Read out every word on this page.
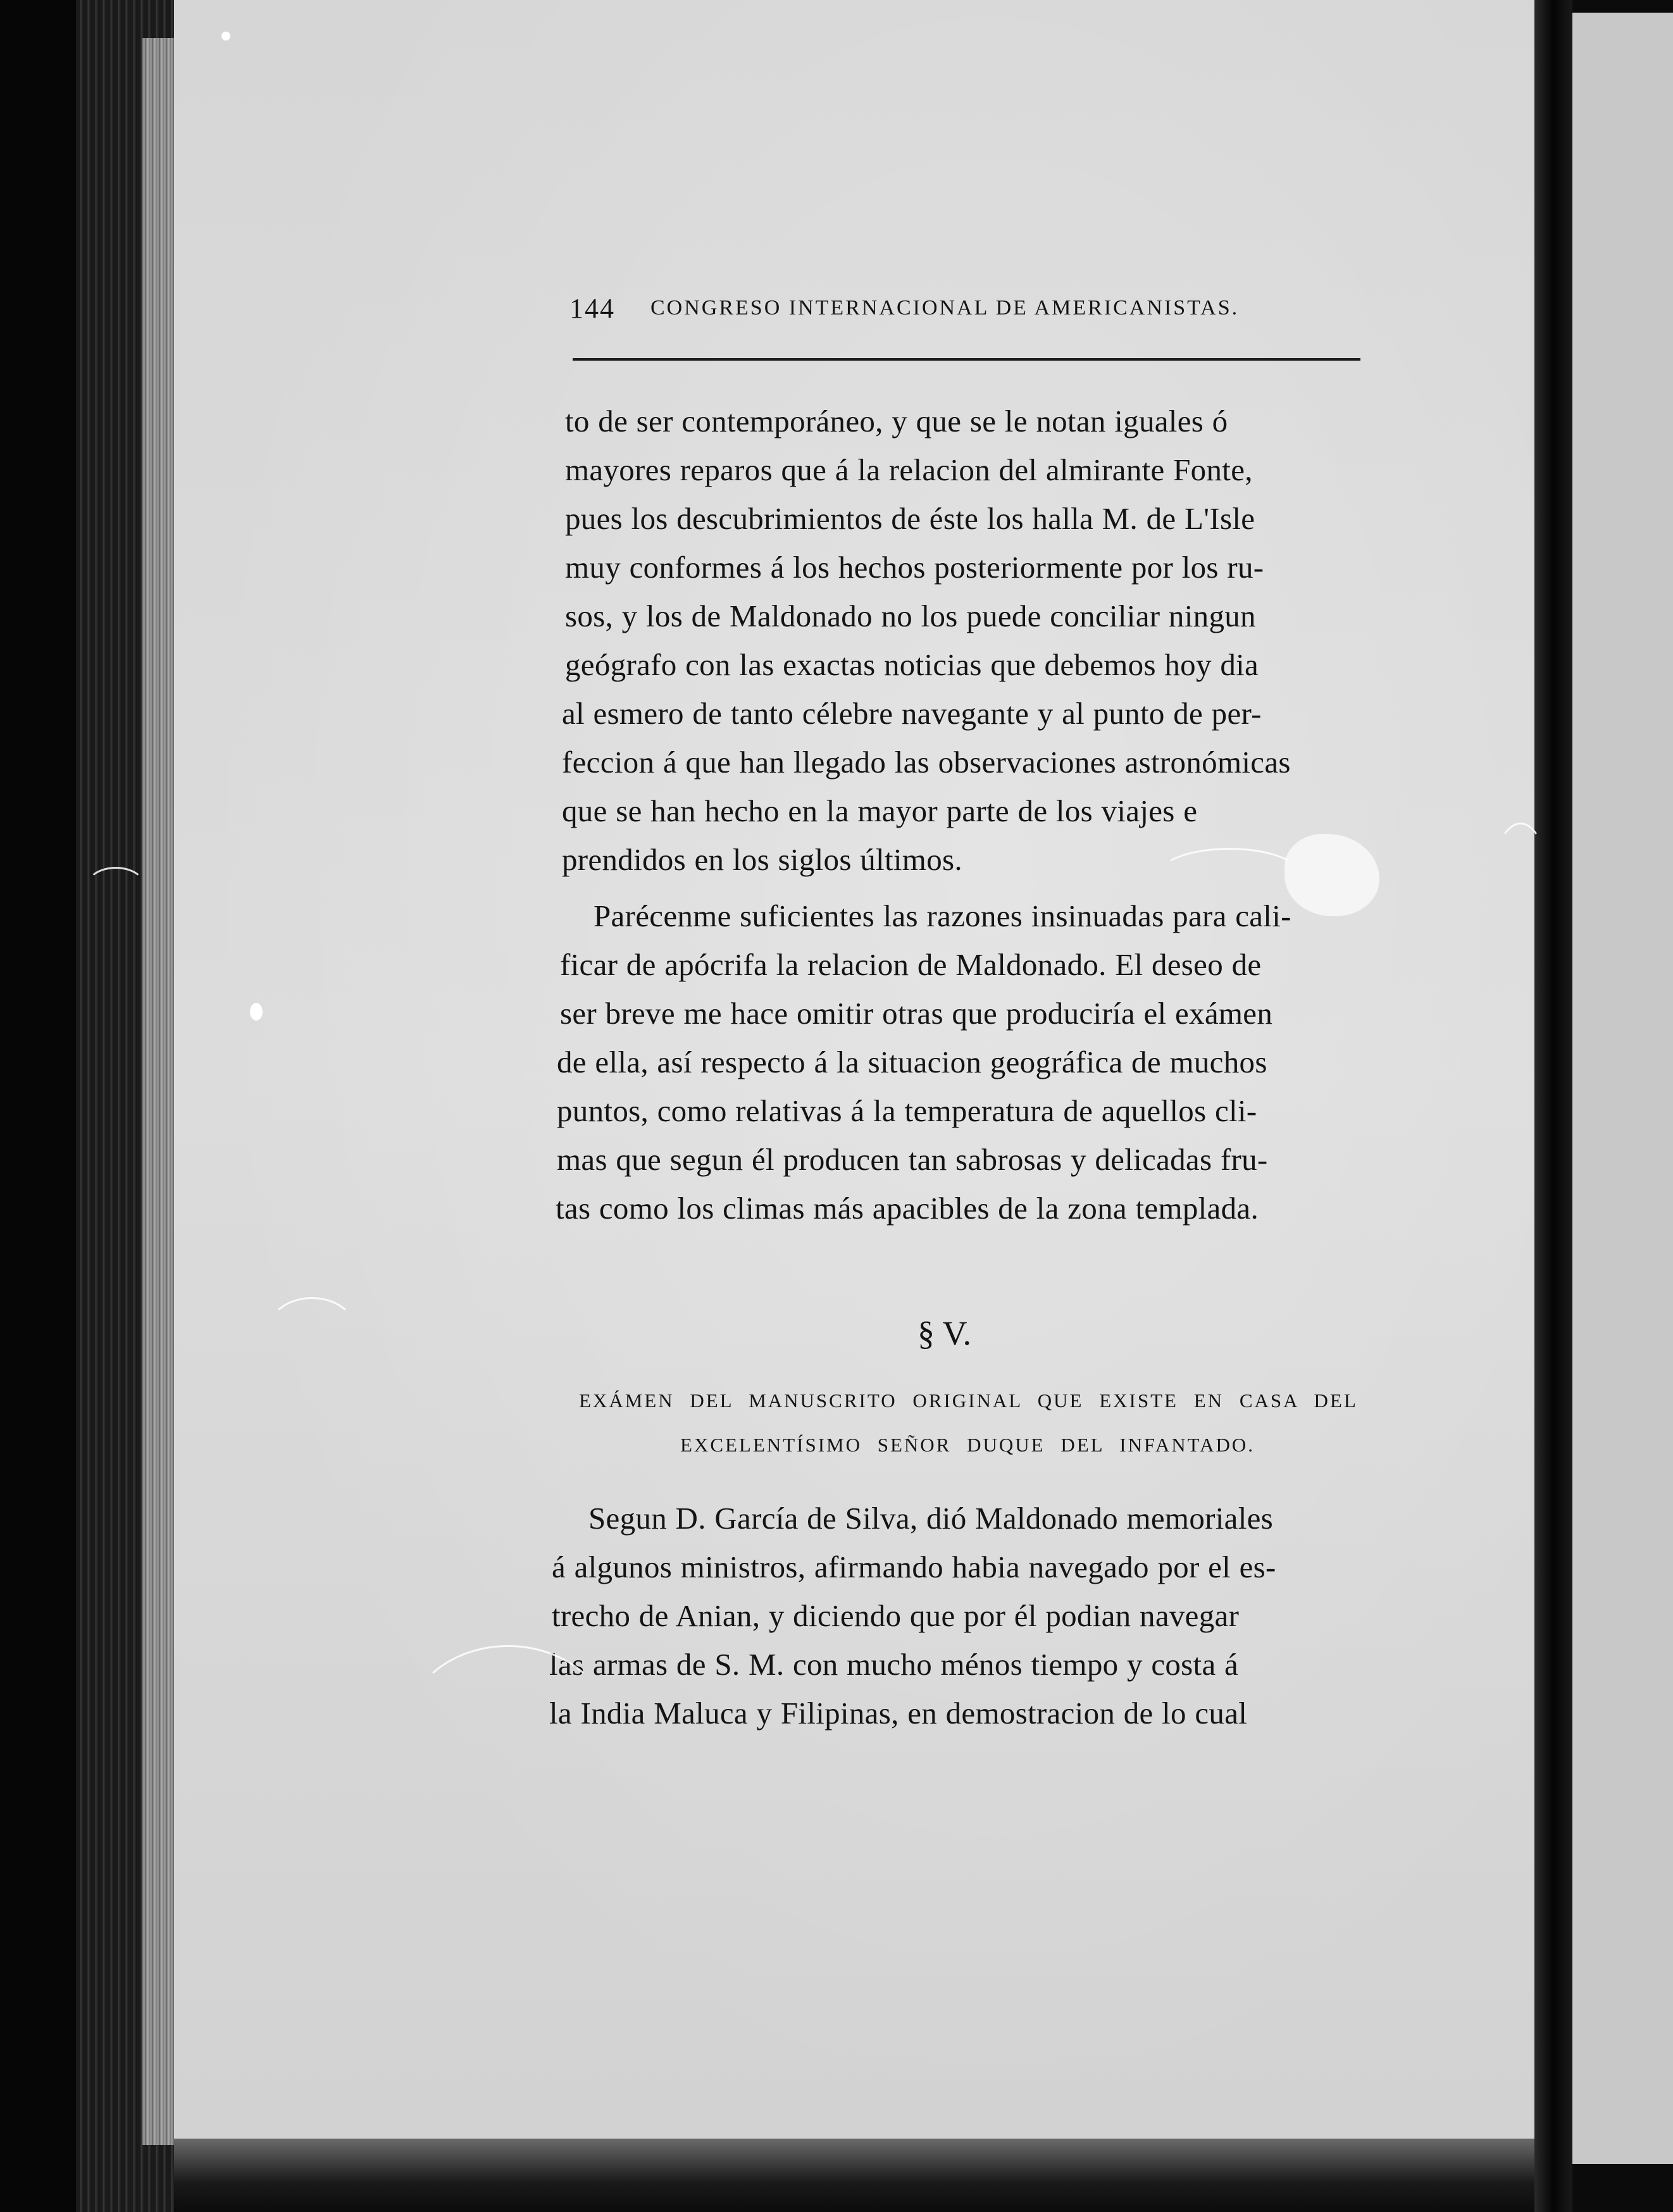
144 CONGRESO INTERNACIONAL DE AMERICANISTAS.
to de ser contemporáneo, y que se le notan iguales ó
mayores reparos que á la relacion del almirante Fonte,
pues los descubrimientos de éste los halla M. de L'Isle
muy conformes á los hechos posteriormente por los ru-
sos, y los de Maldonado no los puede conciliar ningun
geógrafo con las exactas noticias que debemos hoy dia
al esmero de tanto célebre navegante y al punto de per-
feccion á que han llegado las observaciones astronómicas
que se han hecho en la mayor parte de los viajes e
prendidos en los siglos últimos.
Parécenme suficientes las razones insinuadas para cali-
ficar de apócrifa la relacion de Maldonado. El deseo de
ser breve me hace omitir otras que produciría el exámen
de ella, así respecto á la situacion geográfica de muchos
puntos, como relativas á la temperatura de aquellos cli-
mas que segun él producen tan sabrosas y delicadas fru-
tas como los climas más apacibles de la zona templada.
§ V.
EXÁMEN DEL MANUSCRITO ORIGINAL QUE EXISTE EN CASA DEL
EXCELENTÍSIMO SEÑOR DUQUE DEL INFANTADO.
Segun D. García de Silva, dió Maldonado memoriales
á algunos ministros, afirmando habia navegado por el es-
trecho de Anian, y diciendo que por él podian navegar
las armas de S. M. con mucho ménos tiempo y costa á
la India Maluca y Filipinas, en demostracion de lo cual
